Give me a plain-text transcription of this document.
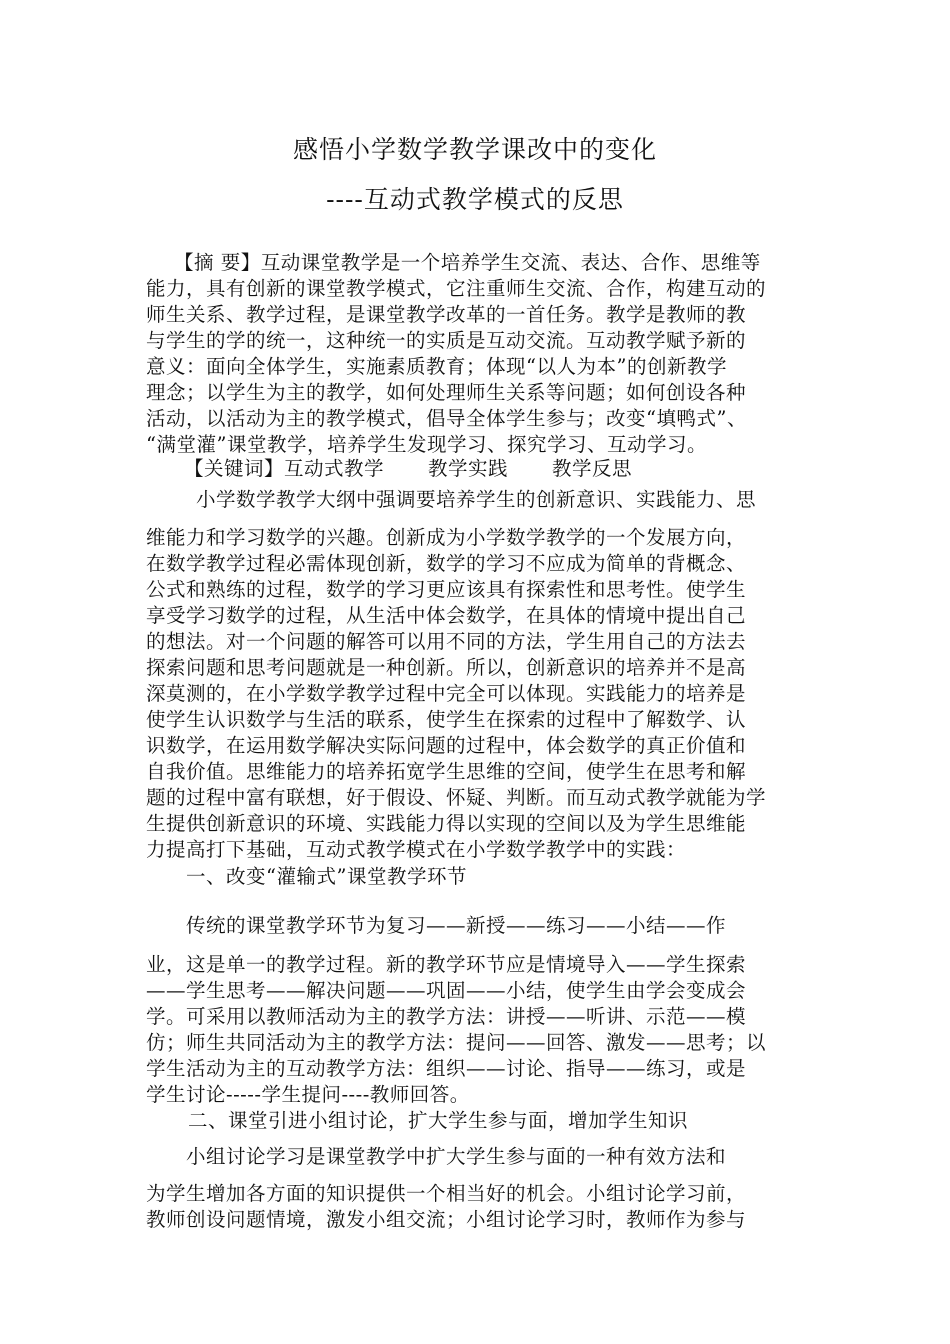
感悟小学数学教学课改中的变化
----互动式教学模式的反思
【摘 要】互动课堂教学是一个培养学生交流、表达、合作、思维等
能力，具有创新的课堂教学模式，它注重师生交流、合作，构建互动的
师生关系、教学过程，是课堂教学改革的一首任务。教学是教师的教
与学生的学的统一，这种统一的实质是互动交流。互动教学赋予新的
意义：面向全体学生，实施素质教育；体现“以人为本”的创新教学
理念；以学生为主的教学，如何处理师生关系等问题；如何创设各种
活动，以活动为主的教学模式，倡导全体学生参与；改变“填鸭式”、
“满堂灌”课堂教学，培养学生发现学习、探究学习、互动学习。
【关键词】互动式教学 教学实践 教学反思
小学数学教学大纲中强调要培养学生的创新意识、实践能力、思
维能力和学习数学的兴趣。创新成为小学数学教学的一个发展方向，
在数学教学过程必需体现创新，数学的学习不应成为简单的背概念、
公式和熟练的过程，数学的学习更应该具有探索性和思考性。使学生
享受学习数学的过程，从生活中体会数学，在具体的情境中提出自己
的想法。对一个问题的解答可以用不同的方法，学生用自己的方法去
探索问题和思考问题就是一种创新。所以，创新意识的培养并不是高
深莫测的，在小学数学教学过程中完全可以体现。实践能力的培养是
使学生认识数学与生活的联系，使学生在探索的过程中了解数学、认
识数学，在运用数学解决实际问题的过程中，体会数学的真正价值和
自我价值。思维能力的培养拓宽学生思维的空间，使学生在思考和解
题的过程中富有联想，好于假设、怀疑、判断。而互动式教学就能为学
生提供创新意识的环境、实践能力得以实现的空间以及为学生思维能
力提高打下基础，互动式教学模式在小学数学教学中的实践：
一、改变“灌输式”课堂教学环节
传统的课堂教学环节为复习——新授——练习——小结——作
业，这是单一的教学过程。新的教学环节应是情境导入——学生探索
——学生思考——解决问题——巩固——小结，使学生由学会变成会
学。可采用以教师活动为主的教学方法：讲授——听讲、示范——模
仿；师生共同活动为主的教学方法：提问——回答、激发——思考；以
学生活动为主的互动教学方法：组织——讨论、指导——练习，或是
学生讨论-----学生提问----教师回答。
二、课堂引进小组讨论，扩大学生参与面，增加学生知识
小组讨论学习是课堂教学中扩大学生参与面的一种有效方法和
为学生增加各方面的知识提供一个相当好的机会。小组讨论学习前，
教师创设问题情境，激发小组交流；小组讨论学习时，教师作为参与
